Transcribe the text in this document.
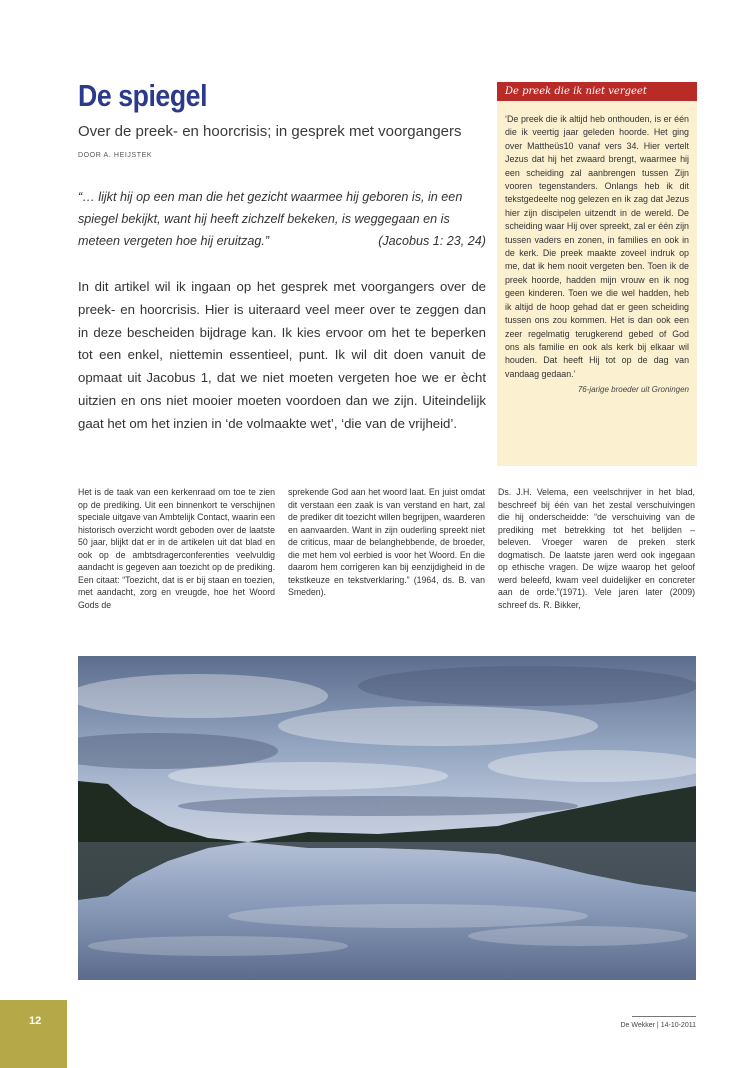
De spiegel
Over de preek- en hoorcrisis; in gesprek met voorgangers
DOOR A. HEIJSTEK
“… lijkt hij op een man die het gezicht waarmee hij geboren is, in een
spiegel bekijkt, want hij heeft zichzelf bekeken, is weggegaan en is
meteen vergeten hoe hij eruitzag.”	(Jacobus 1: 23, 24)
In dit artikel wil ik ingaan op het gesprek met voorgangers over de preek- en hoorcrisis. Hier is uiteraard veel meer over te zeggen dan in deze bescheiden bijdrage kan. Ik kies ervoor om het te beperken tot een enkel, niettemin essentieel, punt. Ik wil dit doen vanuit de opmaat uit Jacobus 1, dat we niet moeten vergeten hoe we er ècht uitzien en ons niet mooier moeten voordoen dan we zijn. Uiteindelijk gaat het om het inzien in ‘de volmaakte wet’, ‘die van de vrijheid’.
De preek die ik niet vergeet
‘De preek die ik altijd heb onthouden, is er één die ik veertig jaar geleden hoorde. Het ging over Mattheüs10 vanaf vers 34. Hier vertelt Jezus dat hij het zwaard brengt, waarmee hij een scheiding zal aanbrengen tussen Zijn vooren tegenstanders. Onlangs heb ik dit tekstgedeelte nog gelezen en ik zag dat Jezus hier zijn discipelen uitzendt in de wereld. De scheiding waar Hij over spreekt, zal er één zijn tussen vaders en zonen, in families en ook in de kerk. Die preek maakte zoveel indruk op me, dat ik hem nooit vergeten ben. Toen ik de preek hoorde, hadden mijn vrouw en ik nog geen kinderen. Toen we die wel hadden, heb ik altijd de hoop gehad dat er geen scheiding tussen ons zou kommen. Het is dan ook een zeer regelmatig terugkerend gebed of God ons als familie en ook als kerk bij elkaar wil houden. Dat heeft Hij tot op de dag van vandaag gedaan.’
76-jarige broeder uit Groningen
Het is de taak van een kerkenraad om toe te zien op de prediking. Uit een binnenkort te verschijnen speciale uitgave van Ambtelijk Contact, waarin een historisch overzicht wordt geboden over de laatste 50 jaar, blijkt dat er in de artikelen uit dat blad en ook op de ambtsdragerconferenties veelvuldig aandacht is gegeven aan toezicht op de prediking. Een citaat: “Toezicht, dat is er bij staan en toezien, met aandacht, zorg en vreugde, hoe het Woord Gods de
sprekende God aan het woord laat. En juist omdat dit verstaan een zaak is van verstand en hart, zal de prediker dit toezicht willen begrijpen, waarderen en aanvaarden. Want in zijn ouderling spreekt niet de criticus, maar de belanghebbende, de broeder, die met hem vol eerbied is voor het Woord. En die daarom hem corrigeren kan bij eenzijdigheid in de tekstkeuze en tekstverklaring.” (1964, ds. B. van Smeden).
Ds. J.H. Velema, een veelschrijver in het blad, beschreef bij één van het zestal verschuivingen die hij onderscheidde: “de verschuiving van de prediking met betrekking tot het belijden – beleven. Vroeger waren de preken sterk dogmatisch. De laatste jaren werd ook ingegaan op ethische vragen. De wijze waarop het geloof werd beleefd, kwam veel duidelijker en concreter aan de orde.”(1971). Vele jaren later (2009) schreef ds. R. Bikker,
12	De Wekker | 14-10-2011
